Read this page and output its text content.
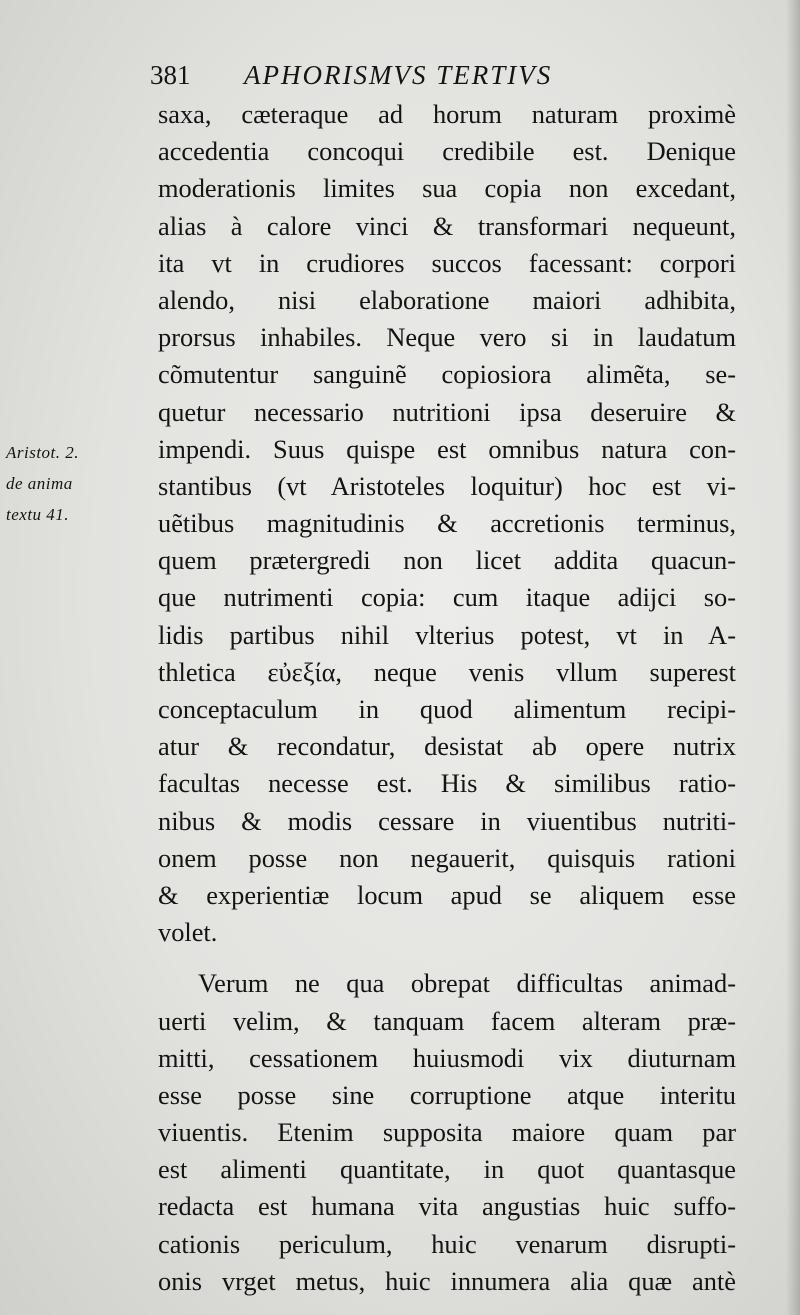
381 APHORISMVS TERTIVS
Aristot. 2.
de anima
textu 41.
saxa, cæteraque ad horum naturam proximè
accedentia concoqui credibile est. Denique
moderationis limites sua copia non excedant,
alias à calore vinci & transformari nequeunt,
ita vt in crudiores succos facessant: corpori
alendo, nisi elaboratione maiori adhibita,
prorsus inhabiles. Neque vero si in laudatum
cõmutentur sanguinẽ copiosiora alimẽta, se-
quetur necessario nutritioni ipsa deseruire &
impendi. Suus quispe est omnibus natura con-
stantibus (vt Aristoteles loquitur) hoc est vi-
uẽtibus magnitudinis & accretionis terminus,
quem prætergredi non licet addita quacun-
que nutrimenti copia: cum itaque adijci so-
lidis partibus nihil vlterius potest, vt in A-
thletica εὐεξία, neque venis vllum superest
conceptaculum in quod alimentum recipi-
atur & recondatur, desistat ab opere nutrix
facultas necesse est. His & similibus ratio-
nibus & modis cessare in viuentibus nutriti-
onem posse non negauerit, quisquis rationi
& experientiæ locum apud se aliquem esse
volet.
Verum ne qua obrepat difficultas animad-
uerti velim, & tanquam facem alteram præ-
mitti, cessationem huiusmodi vix diuturnam
esse posse sine corruptione atque interitu
viuentis. Etenim supposita maiore quam par
est alimenti quantitate, in quot quantasque
redacta est humana vita angustias huic suffo-
cationis periculum, huic venarum disrupti-
onis vrget metus, huic innumera alia quæ antè
